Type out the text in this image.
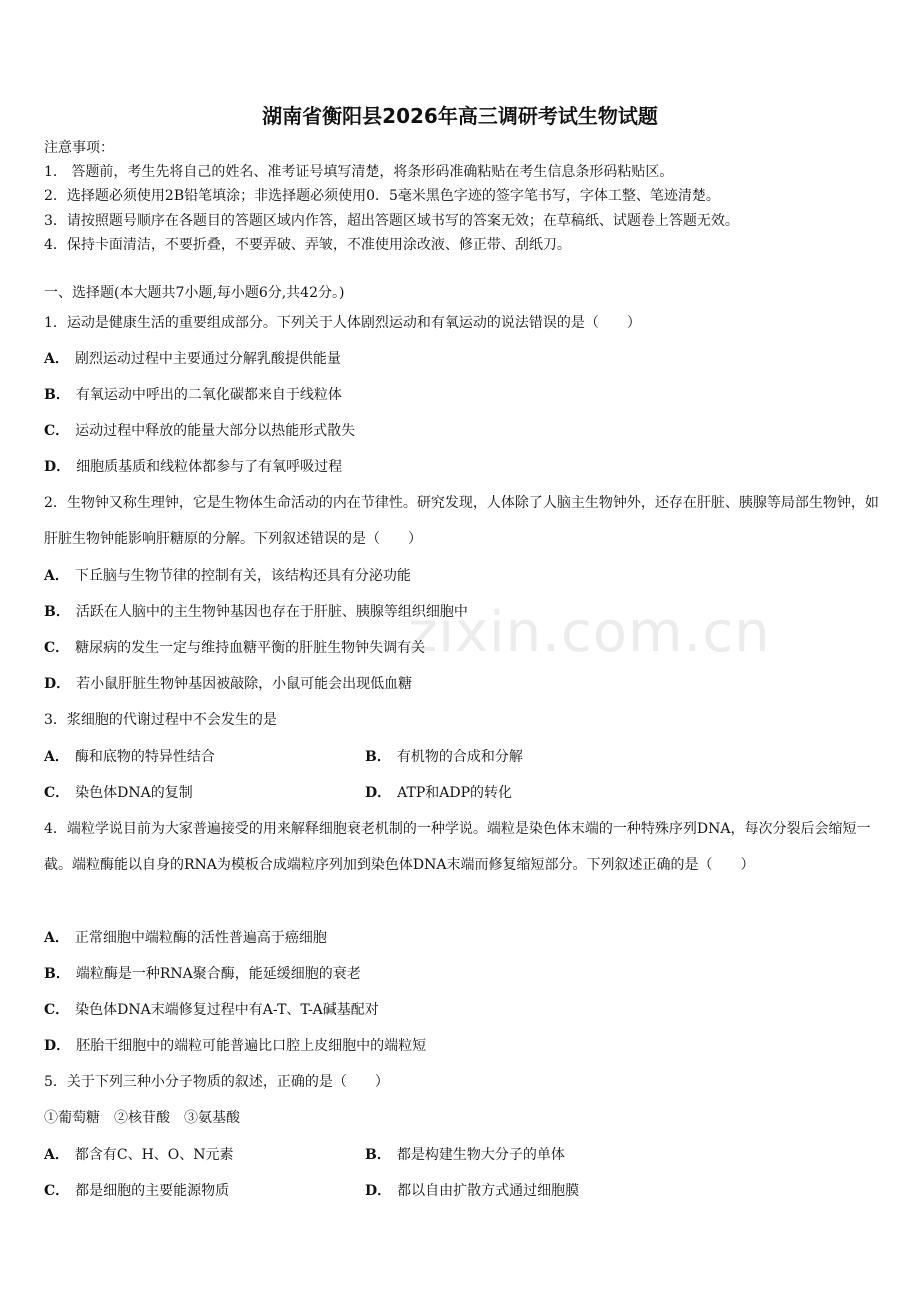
zixin.com.cn
湖南省衡阳县2026年高三调研考试生物试题
注意事项：
1． 答题前，考生先将自己的姓名、准考证号填写清楚，将条形码准确粘贴在考生信息条形码粘贴区。
2．选择题必须使用2B铅笔填涂；非选择题必须使用0．5毫米黑色字迹的签字笔书写，字体工整、笔迹清楚。
3．请按照题号顺序在各题目的答题区域内作答，超出答题区域书写的答案无效；在草稿纸、试题卷上答题无效。
4．保持卡面清洁，不要折叠，不要弄破、弄皱，不准使用涂改液、修正带、刮纸刀。
一、选择题(本大题共7小题,每小题6分,共42分。)
1．运动是健康生活的重要组成部分。下列关于人体剧烈运动和有氧运动的说法错误的是（　　）
A． 剧烈运动过程中主要通过分解乳酸提供能量
B． 有氧运动中呼出的二氧化碳都来自于线粒体
C． 运动过程中释放的能量大部分以热能形式散失
D． 细胞质基质和线粒体都参与了有氧呼吸过程
2．生物钟又称生理钟，它是生物体生命活动的内在节律性。研究发现，人体除了人脑主生物钟外，还存在肝脏、胰腺等局部生物钟，如肝脏生物钟能影响肝糖原的分解。下列叙述错误的是（　　）
A． 下丘脑与生物节律的控制有关，该结构还具有分泌功能
B． 活跃在人脑中的主生物钟基因也存在于肝脏、胰腺等组织细胞中
C． 糖尿病的发生一定与维持血糖平衡的肝脏生物钟失调有关
D． 若小鼠肝脏生物钟基因被敲除，小鼠可能会出现低血糖
3．浆细胞的代谢过程中不会发生的是
A． 酶和底物的特异性结合	B． 有机物的合成和分解
C． 染色体DNA的复制	D． ATP和ADP的转化
4．端粒学说目前为大家普遍接受的用来解释细胞衰老机制的一种学说。端粒是染色体末端的一种特殊序列DNA，每次分裂后会缩短一截。端粒酶能以自身的RNA为模板合成端粒序列加到染色体DNA末端而修复缩短部分。下列叙述正确的是（　　）
A． 正常细胞中端粒酶的活性普遍高于癌细胞
B． 端粒酶是一种RNA聚合酶，能延缓细胞的衰老
C． 染色体DNA末端修复过程中有A-T、T-A碱基配对
D． 胚胎干细胞中的端粒可能普遍比口腔上皮细胞中的端粒短
5．关于下列三种小分子物质的叙述，正确的是（　　）
①葡萄糖　②核苷酸　③氨基酸
A． 都含有C、H、O、N元素	B． 都是构建生物大分子的单体
C． 都是细胞的主要能源物质	D． 都以自由扩散方式通过细胞膜
